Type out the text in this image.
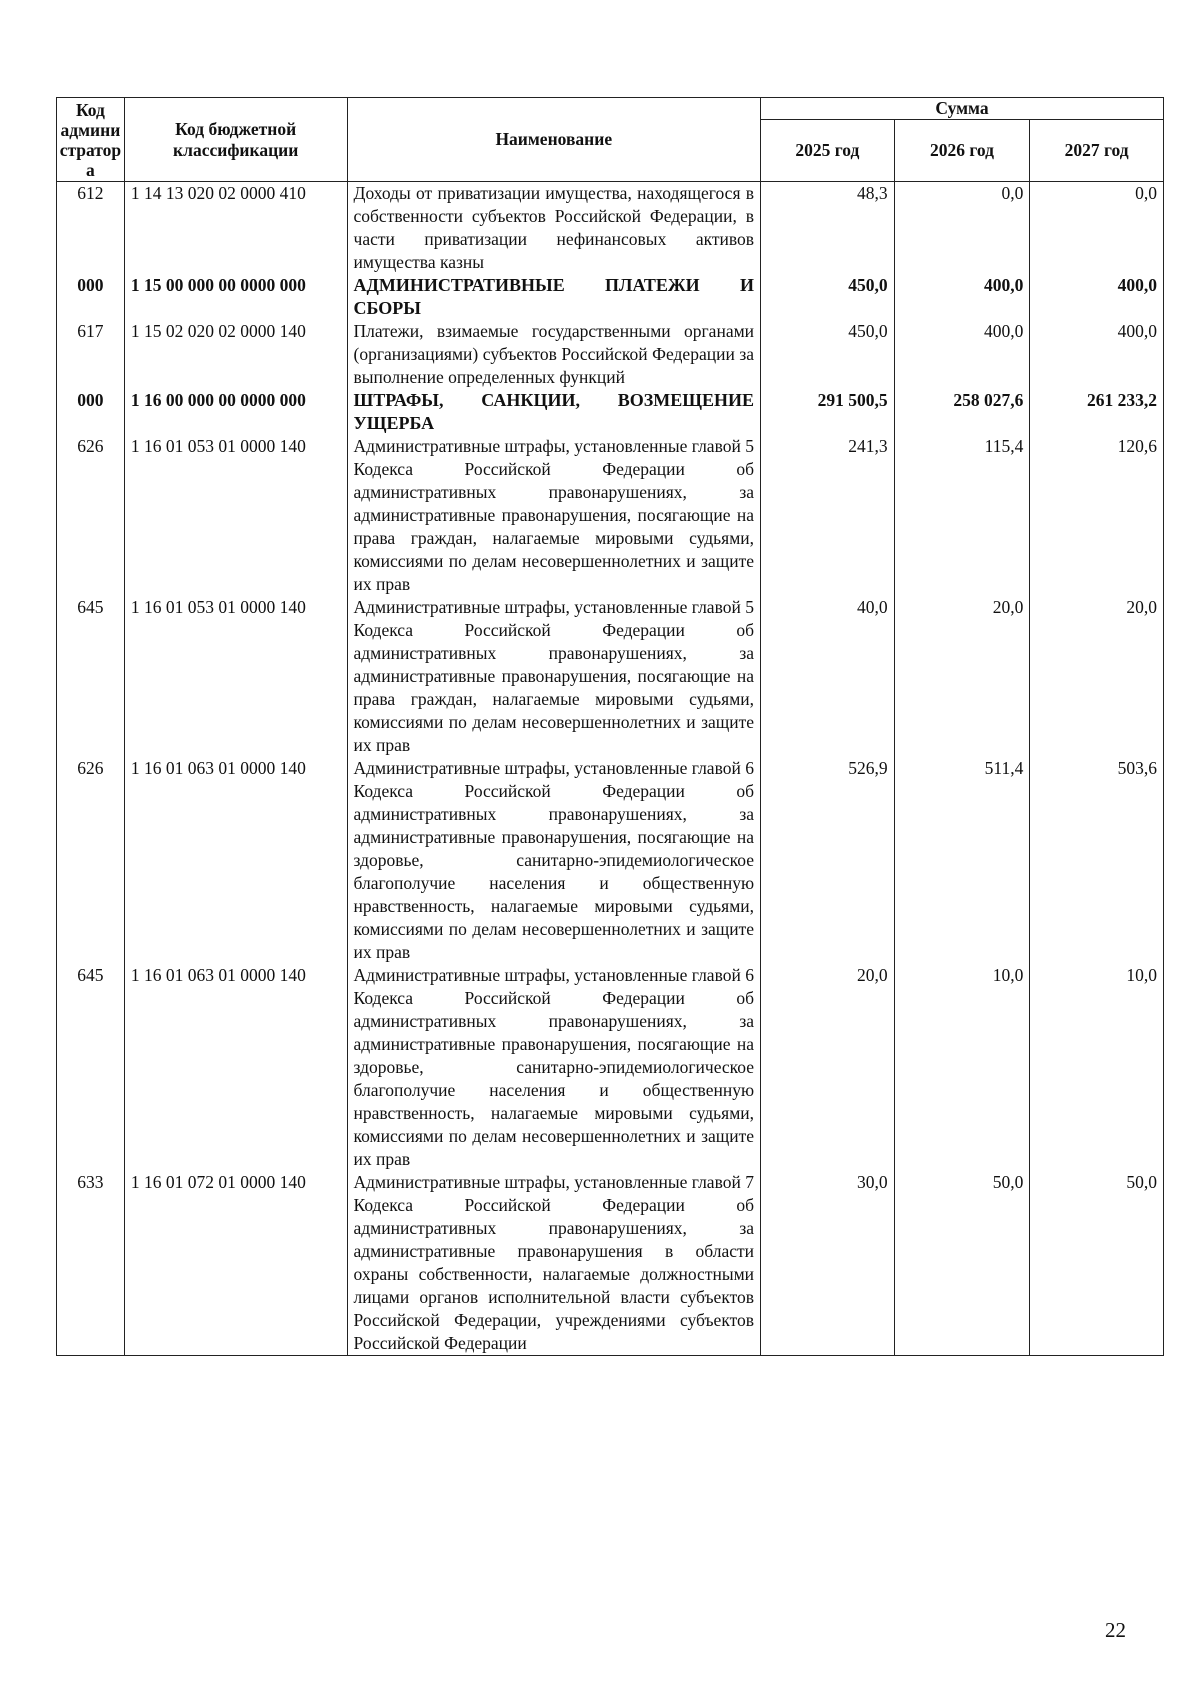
Код админи стратор а	Код бюджетной классификации	Наименование	Сумма		
			2025 год	2026 год	2027 год
612	1 14 13 020 02 0000 410	Доходы от приватизации имущества, находящегося в собственности субъектов Российской Федерации, в части приватизации нефинансовых активов имущества казны	48,3	0,0	0,0
000	1 15 00 000 00 0000 000	АДМИНИСТРАТИВНЫЕ ПЛАТЕЖИ И СБОРЫ	450,0	400,0	400,0
617	1 15 02 020 02 0000 140	Платежи, взимаемые государственными органами (организациями) субъектов Российской Федерации за выполнение определенных функций	450,0	400,0	400,0
000	1 16 00 000 00 0000 000	ШТРАФЫ, САНКЦИИ, ВОЗМЕЩЕНИЕ УЩЕРБА	291 500,5	258 027,6	261 233,2
626	1 16 01 053 01 0000 140	Административные штрафы, установленные главой 5 Кодекса Российской Федерации об административных правонарушениях, за административные правонарушения, посягающие на права граждан, налагаемые мировыми судьями, комиссиями по делам несовершеннолетних и защите их прав	241,3	115,4	120,6
645	1 16 01 053 01 0000 140	Административные штрафы, установленные главой 5 Кодекса Российской Федерации об административных правонарушениях, за административные правонарушения, посягающие на права граждан, налагаемые мировыми судьями, комиссиями по делам несовершеннолетних и защите их прав	40,0	20,0	20,0
626	1 16 01 063 01 0000 140	Административные штрафы, установленные главой 6 Кодекса Российской Федерации об административных правонарушениях, за административные правонарушения, посягающие на здоровье, санитарно-эпидемиологическое благополучие населения и общественную нравственность, налагаемые мировыми судьями, комиссиями по делам несовершеннолетних и защите их прав	526,9	511,4	503,6
645	1 16 01 063 01 0000 140	Административные штрафы, установленные главой 6 Кодекса Российской Федерации об административных правонарушениях, за административные правонарушения, посягающие на здоровье, санитарно-эпидемиологическое благополучие населения и общественную нравственность, налагаемые мировыми судьями, комиссиями по делам несовершеннолетних и защите их прав	20,0	10,0	10,0
633	1 16 01 072 01 0000 140	Административные штрафы, установленные главой 7 Кодекса Российской Федерации об административных правонарушениях, за административные правонарушения в области охраны собственности, налагаемые должностными лицами органов исполнительной власти субъектов Российской Федерации, учреждениями субъектов Российской Федерации	30,0	50,0	50,0
22
